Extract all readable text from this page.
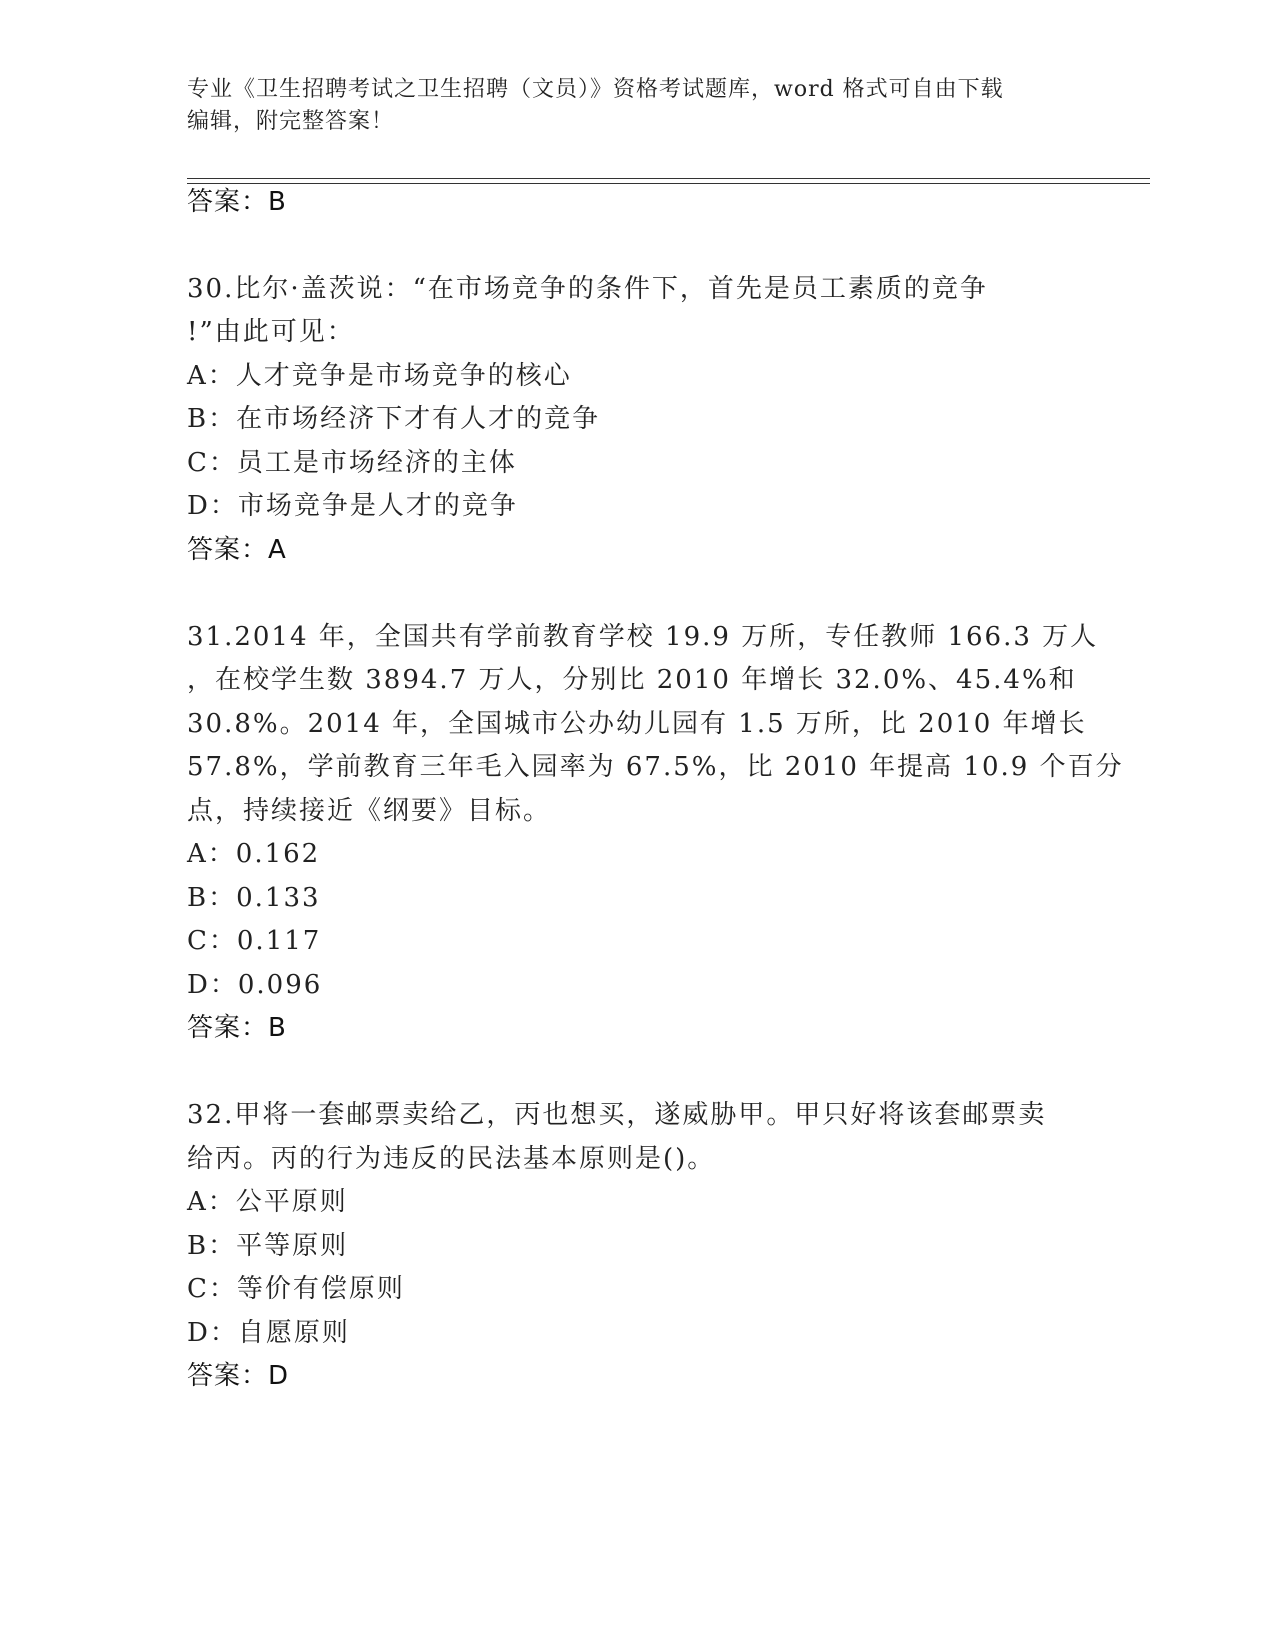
专业《卫生招聘考试之卫生招聘（文员）》资格考试题库，word 格式可自由下载
编辑，附完整答案！
答案：B
30.比尔·盖茨说：“在市场竞争的条件下，首先是员工素质的竞争
!”由此可见：
A：人才竞争是市场竞争的核心
B：在市场经济下才有人才的竞争
C：员工是市场经济的主体
D：市场竞争是人才的竞争
答案：A
31.2014 年，全国共有学前教育学校 19.9 万所，专任教师 166.3 万人
，在校学生数 3894.7 万人，分别比 2010 年增长 32.0%、45.4%和
30.8%。2014 年，全国城市公办幼儿园有 1.5 万所，比 2010 年增长
57.8%，学前教育三年毛入园率为 67.5%，比 2010 年提高 10.9 个百分
点，持续接近《纲要》目标。
A：0.162
B：0.133
C：0.117
D：0.096
答案：B
32.甲将一套邮票卖给乙，丙也想买，遂威胁甲。甲只好将该套邮票卖
给丙。丙的行为违反的民法基本原则是()。
A：公平原则
B：平等原则
C：等价有偿原则
D：自愿原则
答案：D
